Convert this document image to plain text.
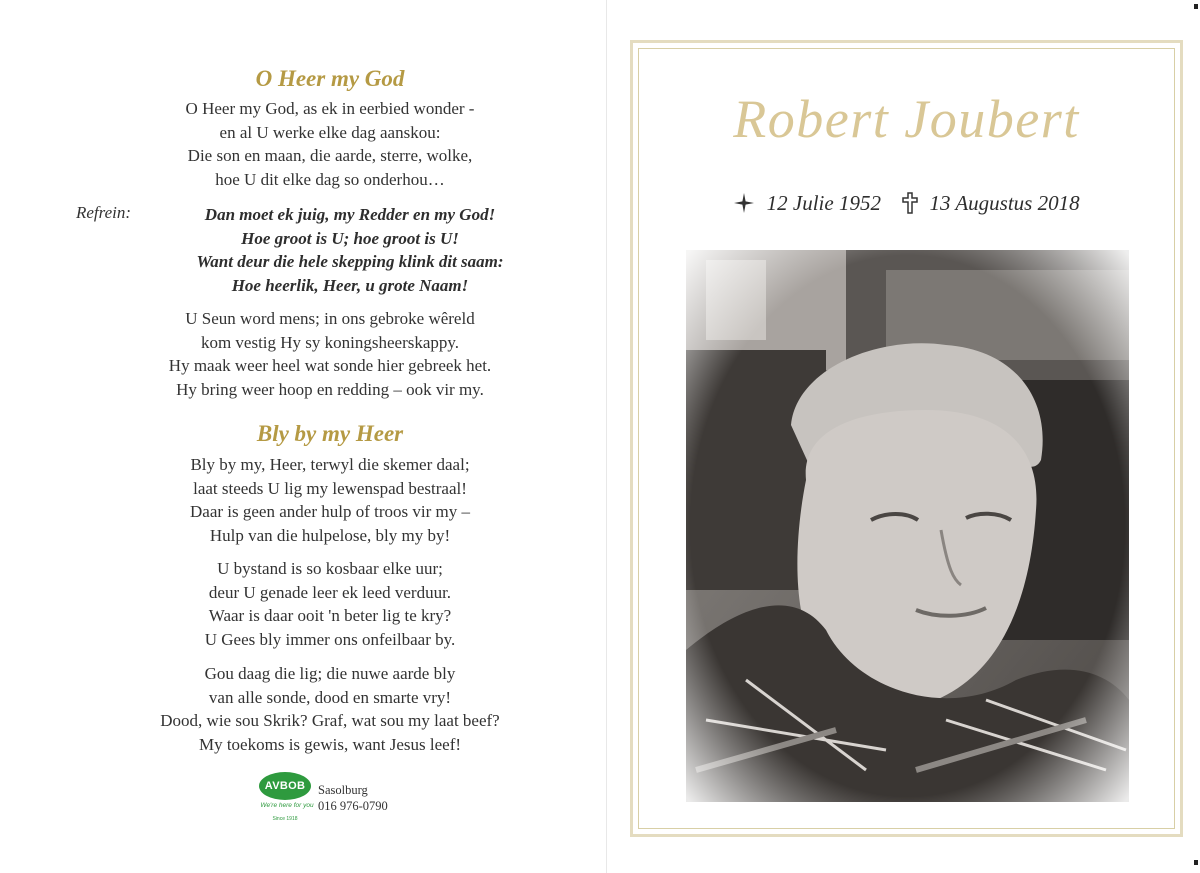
O Heer my God
O Heer my God, as ek in eerbied wonder -
en al U werke elke dag aanskou:
Die son en maan, die aarde, sterre, wolke,
hoe U dit elke dag so onderhou…
Refrein:	Dan moet ek juig, my Redder en my God!
Hoe groot is U; hoe groot is U!
Want deur die hele skepping klink dit saam:
Hoe heerlik, Heer, u grote Naam!
U Seun word mens; in ons gebroke wêreld
kom vestig Hy sy koningsheerskappy.
Hy maak weer heel wat sonde hier gebreek het.
Hy bring weer hoop en redding – ook vir my.
Bly by my Heer
Bly by my, Heer, terwyl die skemer daal;
laat steeds U lig my lewenspad bestraal!
Daar is geen ander hulp of troos vir my –
Hulp van die hulpelose, bly my by!
U bystand is so kosbaar elke uur;
deur U genade leer ek leed verduur.
Waar is daar ooit 'n beter lig te kry?
U Gees bly immer ons onfeilbaar by.
Gou daag die lig; die nuwe aarde bly
van alle sonde, dood en smarte vry!
Dood, wie sou Skrik? Graf, wat sou my laat beef?
My toekoms is gewis, want Jesus leef!
AVBOB
We're here for you
Since 1918
Sasolburg
016 976-0790
Robert Joubert
12 Julie 1952 13 Augustus 2018
